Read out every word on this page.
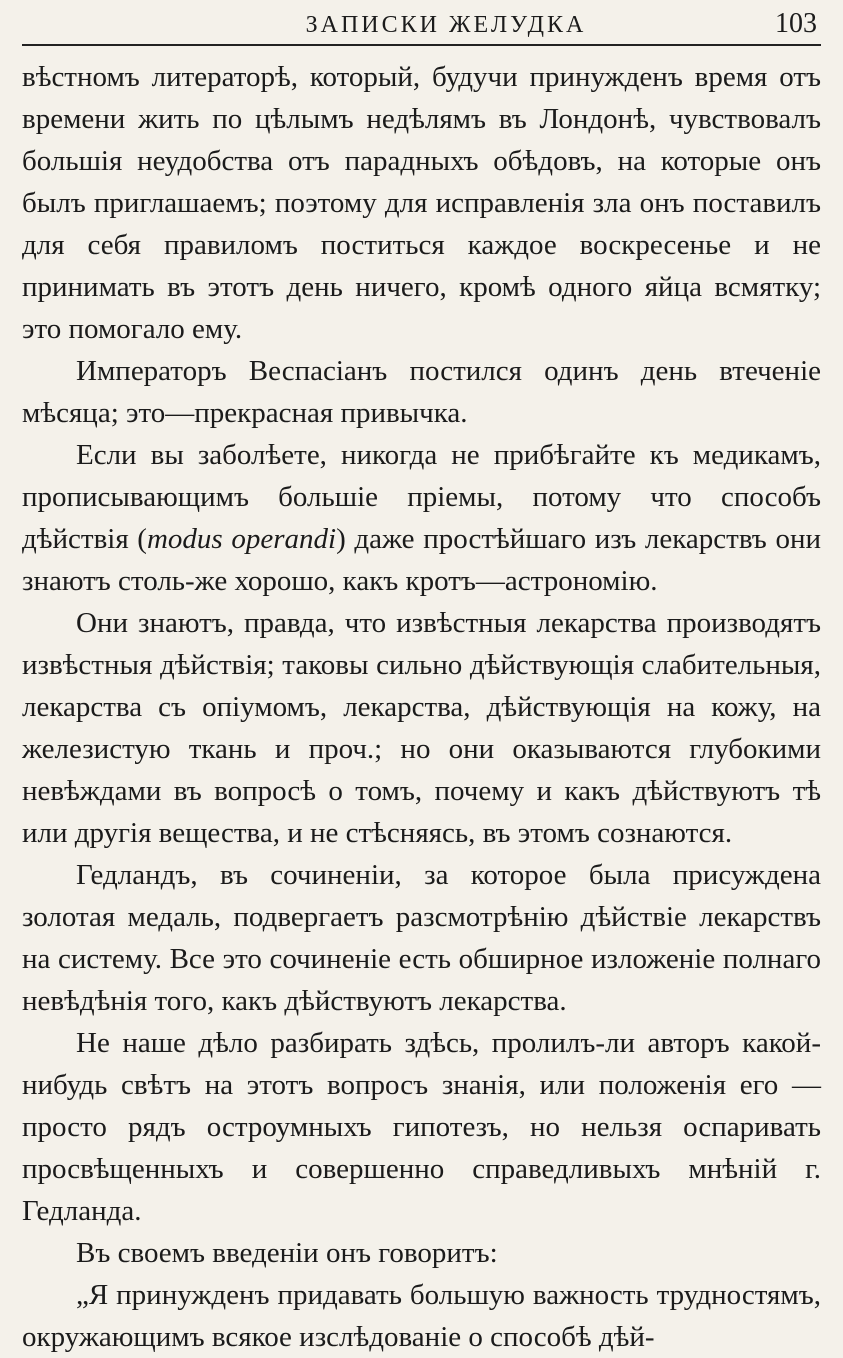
ЗАПИСКИ ЖЕЛУДКА	103

вѣстномъ литераторѣ, который, будучи принужденъ время отъ времени жить по цѣлымъ недѣлямъ въ Лондонѣ, чувствовалъ большія неудобства отъ парадныхъ обѣдовъ, на которые онъ былъ приглашаемъ; поэтому для исправленія зла онъ поставилъ для себя правиломъ поститься каждое воскресенье и не принимать въ этотъ день ничего, кромѣ одного яйца всмятку; это помогало ему.

Императоръ Веспасіанъ постился одинъ день втеченіе мѣсяца; это—прекрасная привычка.

Если вы заболѣете, никогда не прибѣгайте къ медикамъ, прописывающимъ большіе пріемы, потому что способъ дѣйствія (modus operandi) даже простѣйшаго изъ лекарствъ они знаютъ столь-же хорошо, какъ кротъ—астрономію.

Они знаютъ, правда, что извѣстныя лекарства производятъ извѣстныя дѣйствія; таковы сильно дѣйствующія слабительныя, лекарства съ опіумомъ, лекарства, дѣйствующія на кожу, на железистую ткань и проч.; но они оказываются глубокими невѣждами въ вопросѣ о томъ, почему и какъ дѣйствуютъ тѣ или другія вещества, и не стѣсняясь, въ этомъ сознаются.

Гедландъ, въ сочиненіи, за которое была присуждена золотая медаль, подвергаетъ разсмотрѣнію дѣйствіе лекарствъ на систему. Все это сочиненіе есть обширное изложеніе полнаго невѣдѣнія того, какъ дѣйствуютъ лекарства.

Не наше дѣло разбирать здѣсь, пролилъ-ли авторъ какой-нибудь свѣтъ на этотъ вопросъ знанія, или положенія его — просто рядъ остроумныхъ гипотезъ, но нельзя оспаривать просвѣщенныхъ и совершенно справедливыхъ мнѣній г. Гедланда.

Въ своемъ введеніи онъ говоритъ:

„Я принужденъ придавать большую важность трудностямъ, окружающимъ всякое изслѣдованіе о способѣ дѣй-
